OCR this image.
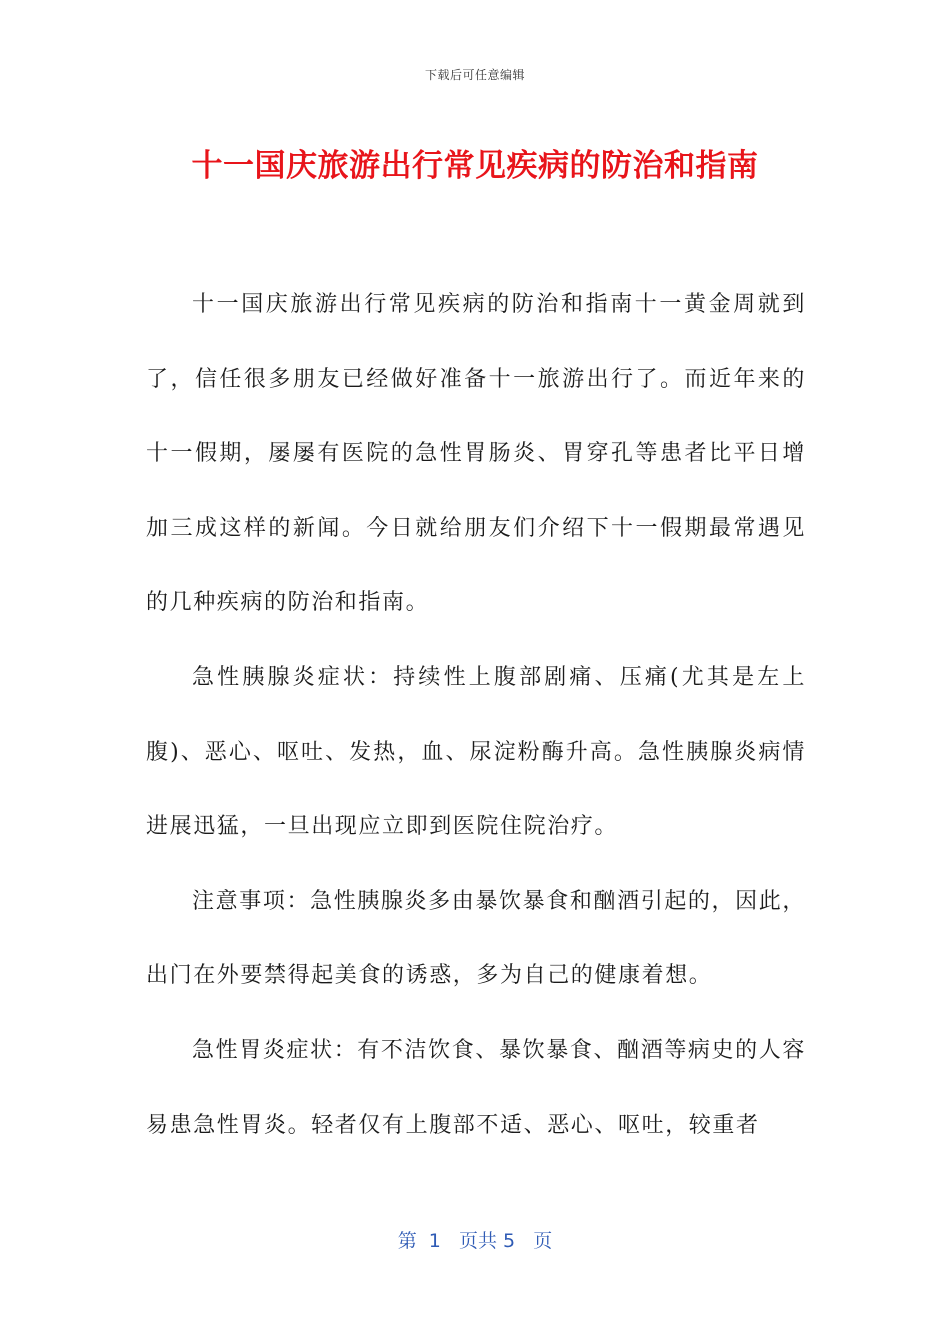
下载后可任意编辑
十一国庆旅游出行常见疾病的防治和指南

十一国庆旅游出行常见疾病的防治和指南十一黄金周就到了，信任很多朋友已经做好准备十一旅游出行了。而近年来的十一假期，屡屡有医院的急性胃肠炎、胃穿孔等患者比平日增加三成这样的新闻。今日就给朋友们介绍下十一假期最常遇见的几种疾病的防治和指南。

急性胰腺炎症状：持续性上腹部剧痛、压痛(尤其是左上腹)、恶心、呕吐、发热，血、尿淀粉酶升高。急性胰腺炎病情进展迅猛，一旦出现应立即到医院住院治疗。

注意事项：急性胰腺炎多由暴饮暴食和酗酒引起的，因此，出门在外要禁得起美食的诱惑，多为自己的健康着想。

急性胃炎症状：有不洁饮食、暴饮暴食、酗酒等病史的人容易患急性胃炎。轻者仅有上腹部不适、恶心、呕吐，较重者

第  1   页共 5   页
